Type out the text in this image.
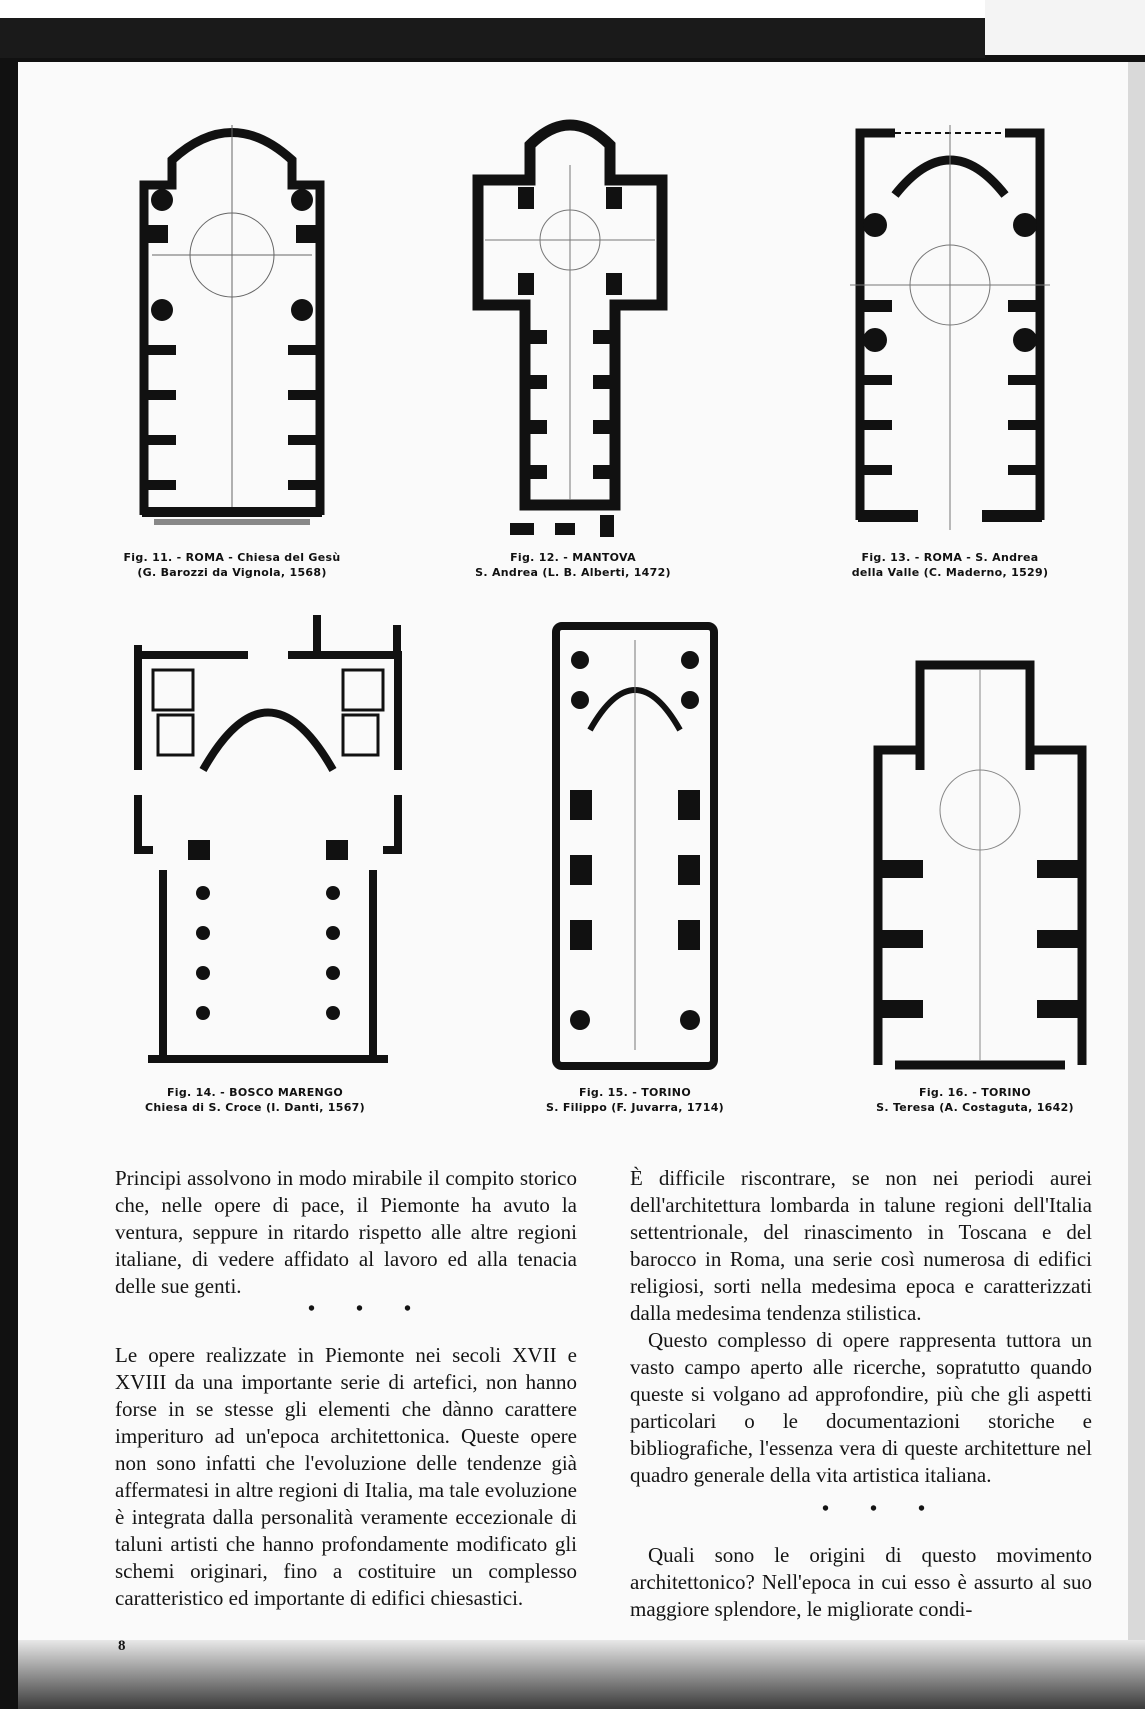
Fig. 11. - ROMA - Chiesa del Gesù
(G. Barozzi da Vignola, 1568)
Fig. 12. - MANTOVA
S. Andrea (L. B. Alberti, 1472)
Fig. 13. - ROMA - S. Andrea
della Valle (C. Maderno, 1529)
Fig. 14. - BOSCO MARENGO
Chiesa di S. Croce (I. Danti, 1567)
Fig. 15. - TORINO
S. Filippo (F. Juvarra, 1714)
Fig. 16. - TORINO
S. Teresa (A. Costaguta, 1642)

Principi assolvono in modo mirabile il compito storico che, nelle opere di pace, il Piemonte ha avuto la ventura, seppure in ritardo rispetto alle altre regioni italiane, di vedere affidato al lavoro ed alla tenacia delle sue genti.

• • •

Le opere realizzate in Piemonte nei secoli XVII e XVIII da una importante serie di artefici, non hanno forse in se stesse gli elementi che dànno carattere imperituro ad un'epoca architettonica. Queste opere non sono infatti che l'evoluzione delle tendenze già affermatesi in altre regioni di Italia, ma tale evoluzione è integrata dalla personalità veramente eccezionale di taluni artisti che hanno profondamente modificato gli schemi originari, fino a costituire un complesso caratteristico ed importante di edifici chiesastici.

È difficile riscontrare, se non nei periodi aurei dell'architettura lombarda in talune regioni dell'Italia settentrionale, del rinascimento in Toscana e del barocco in Roma, una serie così numerosa di edifici religiosi, sorti nella medesima epoca e caratterizzati dalla medesima tendenza stilistica.

Questo complesso di opere rappresenta tuttora un vasto campo aperto alle ricerche, sopratutto quando queste si volgano ad approfondire, più che gli aspetti particolari o le documentazioni storiche e bibliografiche, l'essenza vera di queste architetture nel quadro generale della vita artistica italiana.

• • •

Quali sono le origini di questo movimento architettonico? Nell'epoca in cui esso è assurto al suo maggiore splendore, le migliorate condi-

8
